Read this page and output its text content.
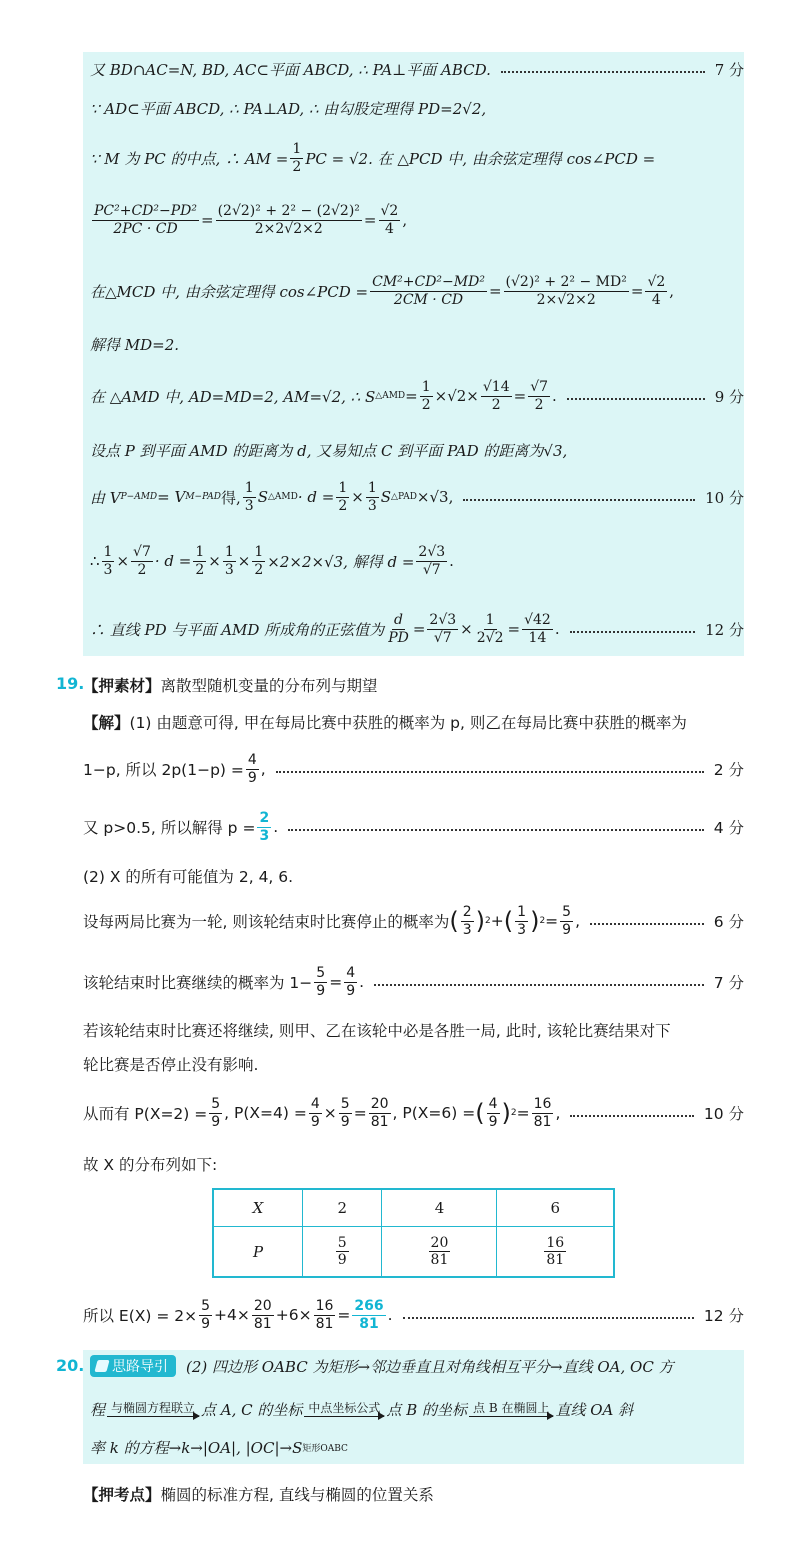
又 BD∩AC=N, BD, AC⊂平面 ABCD, ∴ PA⊥平面 ABCD.	7 分
∵ AD⊂平面 ABCD, ∴ PA⊥AD, ∴ 由勾股定理得 PD=2√2,
∵ M 为 PC 的中点, ∴ AM = $\frac{1}{2}$ PC = √2. 在 △PCD 中, 由余弦定理得 cos∠PCD =
$\frac{\text{PC²+CD²−PD²}}{2PC \cdot CD} = \frac{\text{(2√2)² + 2² − (2√2)²}}{2\times 2√2\times 2} = \frac{√2}{4}$ ,
在△MCD 中, 由余弦定理得 cos∠PCD = $\frac{\text{CM²+CD²−MD²}}{2CM \cdot CD} = \frac{\text{(√2)² + 2² − MD²}}{2\times√2\times 2} = \frac{√2}{4}$ ,
解得 MD=2.
在 △AMD 中, AD=MD=2, AM=√2, ∴ S △AMD = $\frac{1}{2} \times√2\times \frac{√14}{2} = \frac{√7}{2}$ .	9 分
设点 P 到平面 AMD 的距离为 d, 又易知点 C 到平面 PAD 的距离为√3,
由 V P−AMD = V M−PAD 得,
1
3 S △AMD · $d = \frac{1}{2} \times \frac{1}{3}$ S △PAD ×√3,	10 分
∴ $\frac{1}{3} \times \frac{√7}{2} \cdot d = \frac{1}{2} \times \frac{1}{3} \times \frac{1}{2} \times 2\times 2\times√3$, 解得 $d = \frac{2√3}{√7}$ .
∴ 直线 PD 与平面 AMD 所成角的正弦值为 $\frac{d}{PD} = \frac{2√3}{√7} \times \frac{1}{2√2} = \frac{√42}{14}$ .	12 分
19.
【押素材】 离散型随机变量的分布列与期望
【解】 (1) 由题意可得, 甲在每局比赛中获胜的概率为 p, 则乙在每局比赛中获胜的概率为
1−p, 所以 $2p(1-p) = \frac{4}{9}$ ,	2 分
又 p>0.5, 所以解得 $p = \frac{2}{3}$ .	4 分
(2) X 的所有可能值为 2, 4, 6.
设每两局比赛为一轮, 则该轮结束时比赛停止的概率为 ( 2
3 ) 2 + ( 1
3 ) $2 = \frac{5}{9}$ ,	6 分
该轮结束时比赛继续的概率为 $1- \frac{5}{9} = \frac{4}{9}$ .	7 分
若该轮结束时比赛还将继续, 则甲、乙在该轮中必是各胜一局, 此时, 该轮比赛结果对下
轮比赛是否停止没有影响.
从而有 $P(X=2) = \frac{5}{9}$ , $P(X=4) = \frac{4}{9} \times \frac{5}{9} = \frac{20}{81}$ , P(X=6) = ( 4
9 ) $2 = \frac{16}{81}$ ,	10 分
故 X 的分布列如下:
X	2	4	6
P	$\frac{5}{9}$	$\frac{20}{81}$	$\frac{16}{81}$
所以 $E(X) = 2\times \frac{5}{9} +4\times \frac{20}{81} +6\times \frac{16}{81} = \frac{266}{81}$ .	12 分
20.	思路导引	(2) 四边形 OABC 为矩形→邻边垂直且对角线相互平分→直线 OA, OC 方
程 与椭圆方程联立 点 A, C 的坐标 中点坐标公式 点 B 的坐标 点 B 在椭圆上 直线 OA 斜
率 k 的方程→k→|OA|, |OC|→S 矩形OABC
【押考点】 椭圆的标准方程, 直线与椭圆的位置关系
